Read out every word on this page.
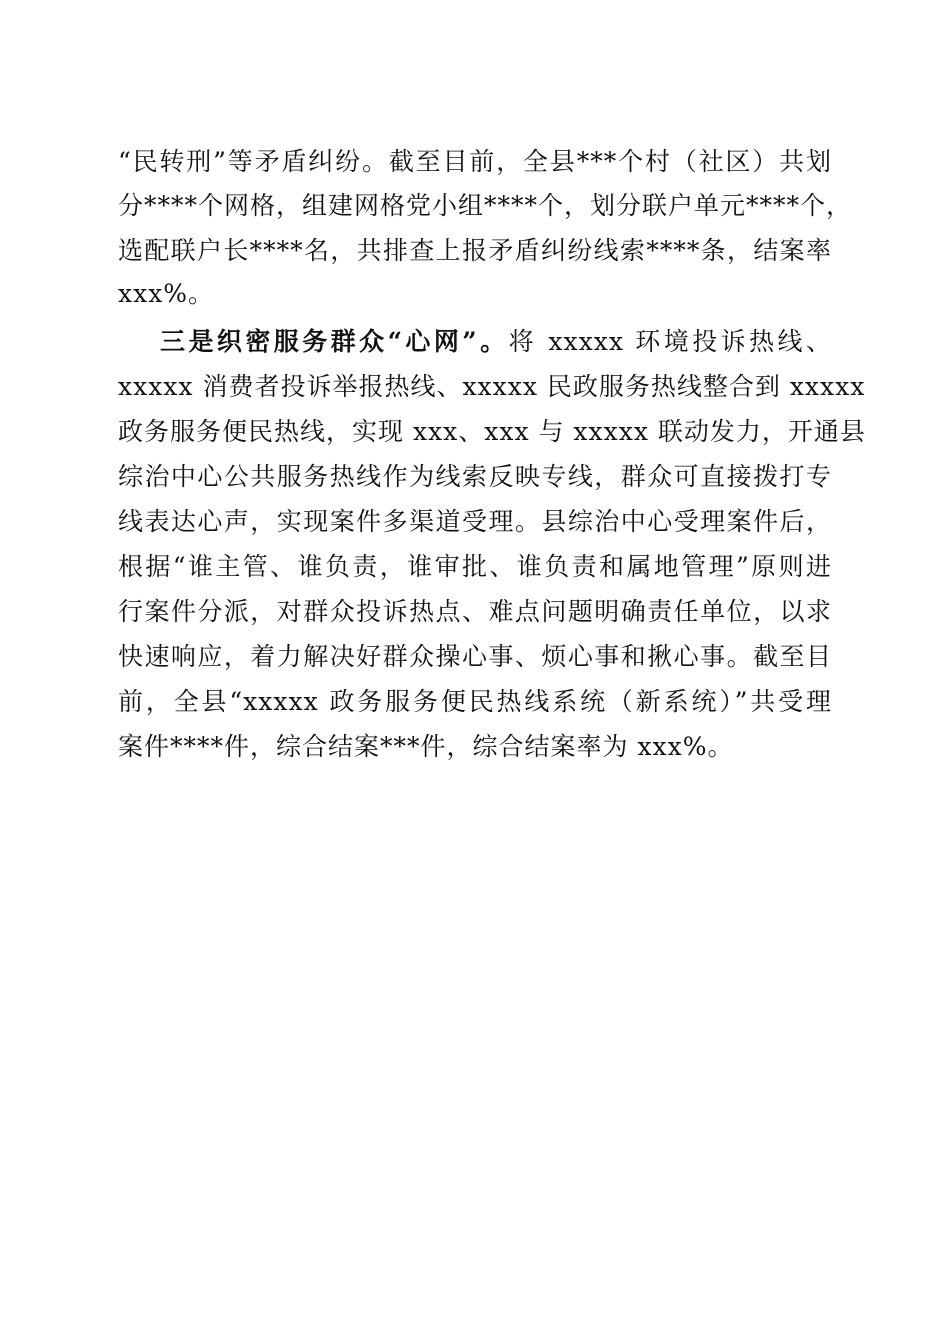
“民转刑”等矛盾纠纷。截至目前，全县***个村（社区）共划
分****个网格，组建网格党小组****个，划分联户单元****个，
选配联户长****名，共排查上报矛盾纠纷线索****条，结案率
xxx%。
三是织密服务群众“心网”。将 xxxxx 环境投诉热线、
xxxxx 消费者投诉举报热线、xxxxx 民政服务热线整合到 xxxxx
政务服务便民热线，实现 xxx、xxx 与 xxxxx 联动发力，开通县
综治中心公共服务热线作为线索反映专线，群众可直接拨打专
线表达心声，实现案件多渠道受理。县综治中心受理案件后，
根据“谁主管、谁负责，谁审批、谁负责和属地管理”原则进
行案件分派，对群众投诉热点、难点问题明确责任单位，以求
快速响应，着力解决好群众操心事、烦心事和揪心事。截至目
前，全县“xxxxx 政务服务便民热线系统（新系统）”共受理
案件****件，综合结案***件，综合结案率为 xxx%。
